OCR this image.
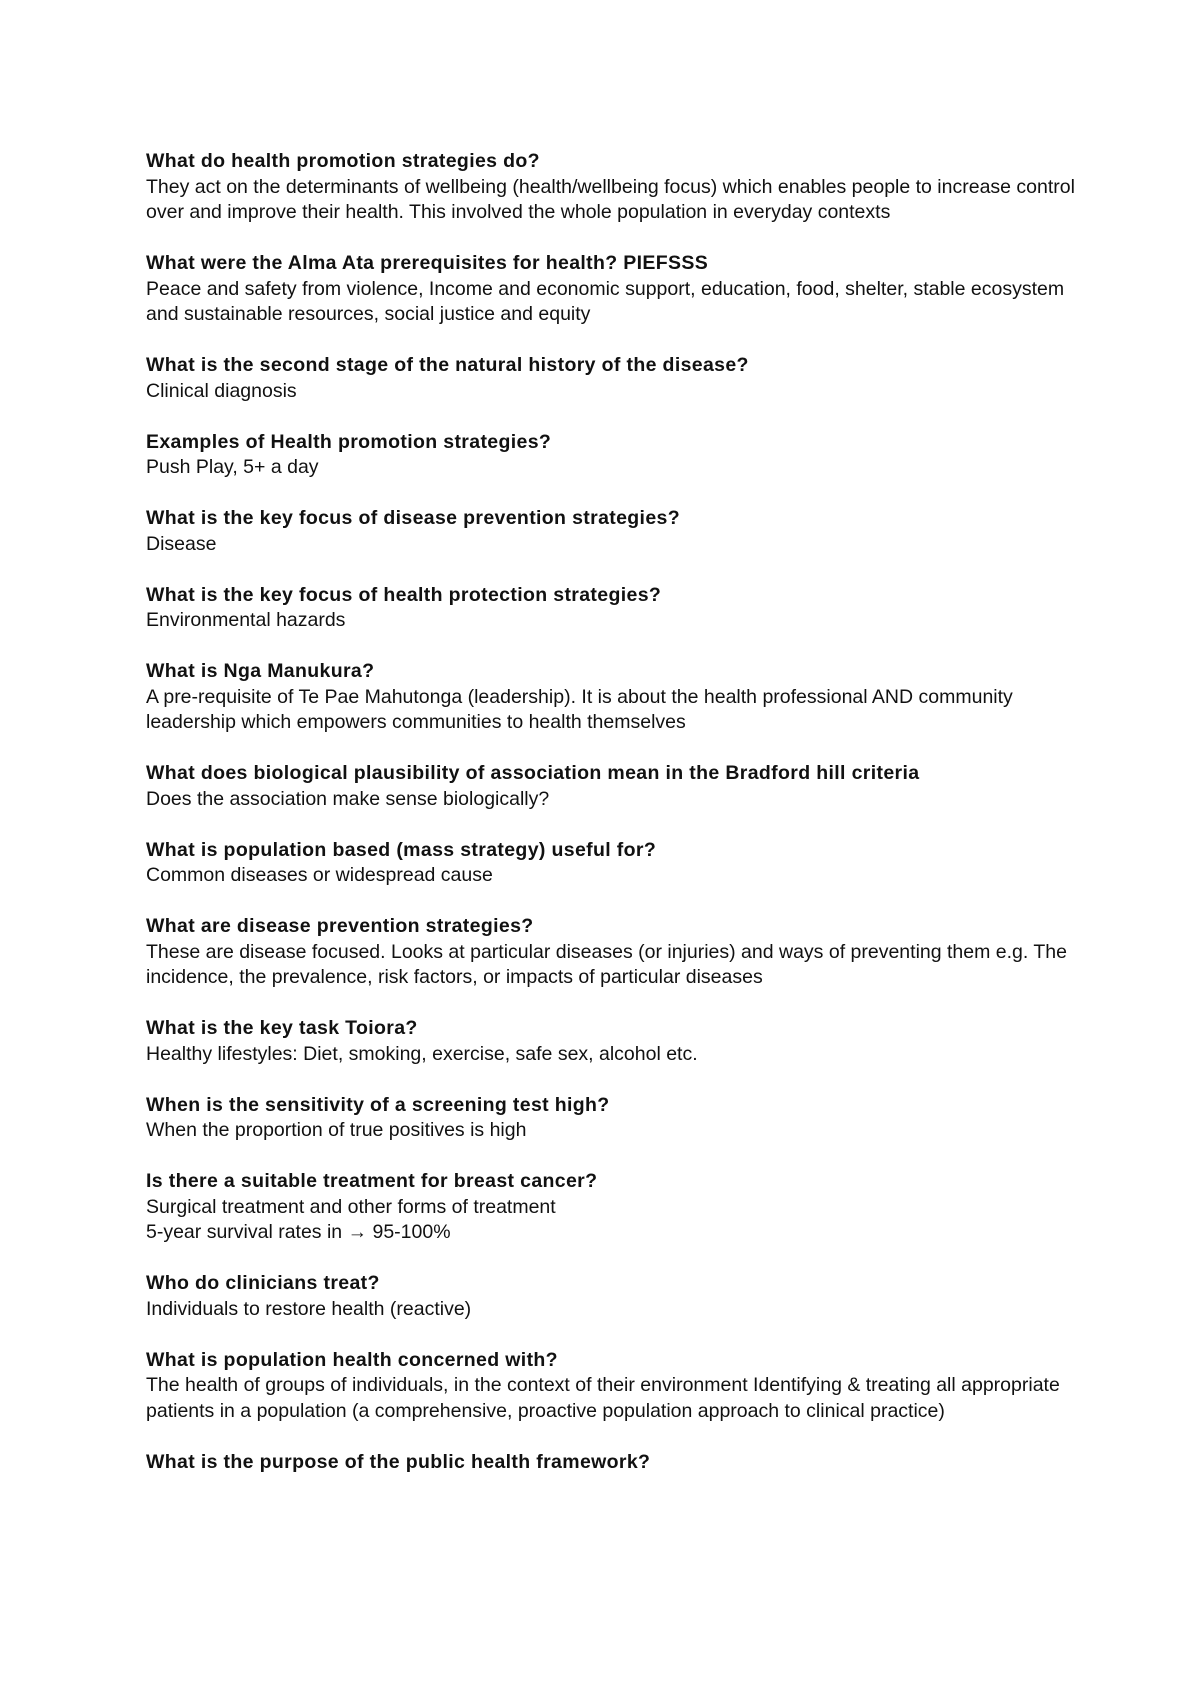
What do health promotion strategies do?
They act on the determinants of wellbeing (health/wellbeing focus) which enables people to increase control over and improve their health. This involved the whole population in everyday contexts
What were the Alma Ata prerequisites for health? PIEFSSS
Peace and safety from violence, Income and economic support, education, food, shelter, stable ecosystem and sustainable resources, social justice and equity
What is the second stage of the natural history of the disease?
Clinical diagnosis
Examples of Health promotion strategies?
Push Play, 5+ a day
What is the key focus of disease prevention strategies?
Disease
What is the key focus of health protection strategies?
Environmental hazards
What is Nga Manukura?
A pre-requisite of Te Pae Mahutonga (leadership). It is about the health professional AND community leadership which empowers communities to health themselves
What does biological plausibility of association mean in the Bradford hill criteria
Does the association make sense biologically?
What is population based (mass strategy) useful for?
Common diseases or widespread cause
What are disease prevention strategies?
These are disease focused. Looks at particular diseases (or injuries) and ways of preventing them e.g. The incidence, the prevalence, risk factors, or impacts of particular diseases
What is the key task Toiora?
Healthy lifestyles: Diet, smoking, exercise, safe sex, alcohol etc.
When is the sensitivity of a screening test high?
When the proportion of true positives is high
Is there a suitable treatment for breast cancer?
Surgical treatment and other forms of treatment
5-year survival rates in → 95-100%
Who do clinicians treat?
Individuals to restore health (reactive)
What is population health concerned with?
The health of groups of individuals, in the context of their environment Identifying & treating all appropriate patients in a population (a comprehensive, proactive population approach to clinical practice)
What is the purpose of the public health framework?
